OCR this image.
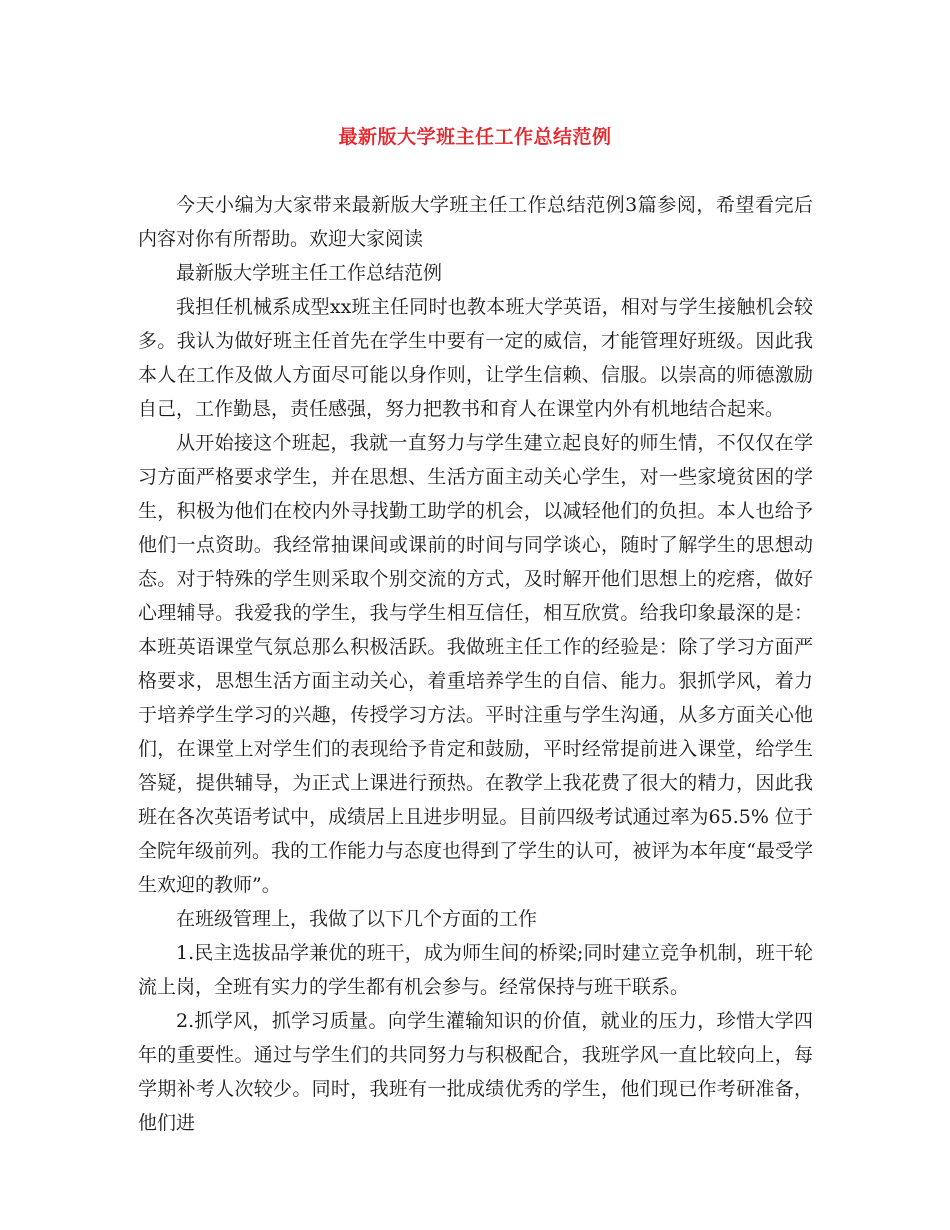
最新版大学班主任工作总结范例

今天小编为大家带来最新版大学班主任工作总结范例3篇参阅，希望看完后内容对你有所帮助。欢迎大家阅读

最新版大学班主任工作总结范例

我担任机械系成型xx班主任同时也教本班大学英语，相对与学生接触机会较多。我认为做好班主任首先在学生中要有一定的威信，才能管理好班级。因此我本人在工作及做人方面尽可能以身作则，让学生信赖、信服。以崇高的师德激励自己，工作勤恳，责任感强，努力把教书和育人在课堂内外有机地结合起来。

从开始接这个班起，我就一直努力与学生建立起良好的师生情，不仅仅在学习方面严格要求学生，并在思想、生活方面主动关心学生，对一些家境贫困的学生，积极为他们在校内外寻找勤工助学的机会，以减轻他们的负担。本人也给予他们一点资助。我经常抽课间或课前的时间与同学谈心，随时了解学生的思想动态。对于特殊的学生则采取个别交流的方式，及时解开他们思想上的疙瘩，做好心理辅导。我爱我的学生，我与学生相互信任，相互欣赏。给我印象最深的是：本班英语课堂气氛总那么积极活跃。我做班主任工作的经验是：除了学习方面严格要求，思想生活方面主动关心，着重培养学生的自信、能力。狠抓学风，着力于培养学生学习的兴趣，传授学习方法。平时注重与学生沟通，从多方面关心他们，在课堂上对学生们的表现给予肯定和鼓励，平时经常提前进入课堂，给学生答疑，提供辅导，为正式上课进行预热。在教学上我花费了很大的精力，因此我班在各次英语考试中，成绩居上且进步明显。目前四级考试通过率为65.5% 位于全院年级前列。我的工作能力与态度也得到了学生的认可，被评为本年度“最受学生欢迎的教师”。

在班级管理上，我做了以下几个方面的工作

1.民主选拔品学兼优的班干，成为师生间的桥梁;同时建立竞争机制，班干轮流上岗，全班有实力的学生都有机会参与。经常保持与班干联系。

2.抓学风，抓学习质量。向学生灌输知识的价值，就业的压力，珍惜大学四年的重要性。通过与学生们的共同努力与积极配合，我班学风一直比较向上，每学期补考人次较少。同时，我班有一批成绩优秀的学生，他们现已作考研准备，他们进
